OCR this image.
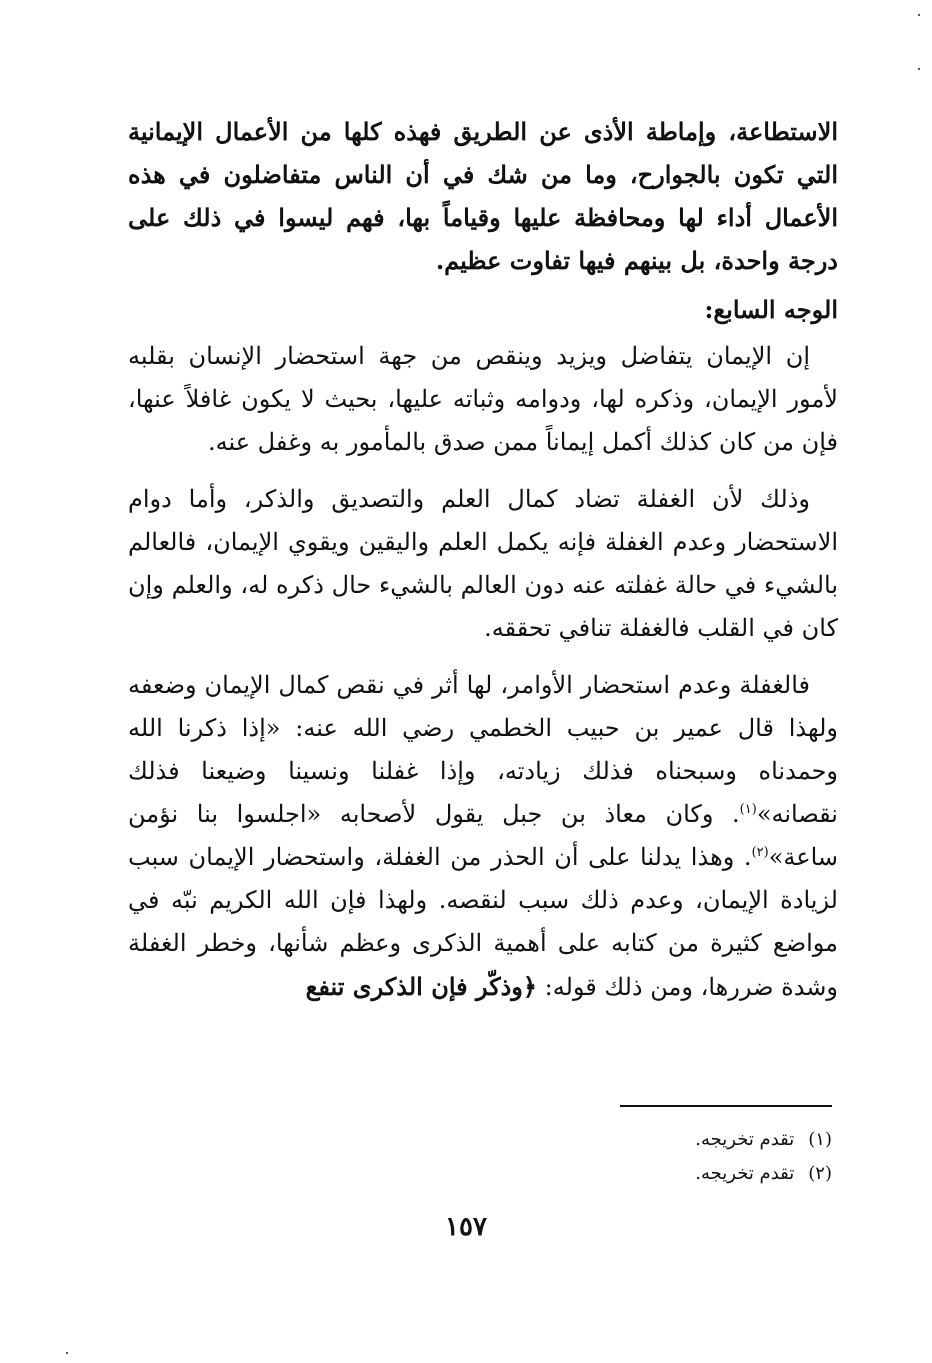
الاستطاعة، وإماطة الأذى عن الطريق فهذه كلها من الأعمال الإيمانية التي تكون بالجوارح، وما من شك في أن الناس متفاضلون في هذه الأعمال أداء لها ومحافظة عليها وقياماً بها، فهم ليسوا في ذلك على درجة واحدة، بل بينهم فيها تفاوت عظيم.

الوجه السابع:

إن الإيمان يتفاضل ويزيد وينقص من جهة استحضار الإنسان بقلبه لأمور الإيمان، وذكره لها، ودوامه وثباته عليها، بحيث لا يكون غافلاً عنها، فإن من كان كذلك أكمل إيماناً ممن صدق بالمأمور به وغفل عنه.

وذلك لأن الغفلة تضاد كمال العلم والتصديق والذكر، وأما دوام الاستحضار وعدم الغفلة فإنه يكمل العلم واليقين ويقوي الإيمان، فالعالم بالشيء في حالة غفلته عنه دون العالم بالشيء حال ذكره له، والعلم وإن كان في القلب فالغفلة تنافي تحققه.

فالغفلة وعدم استحضار الأوامر، لها أثر في نقص كمال الإيمان وضعفه ولهذا قال عمير بن حبيب الخطمي رضي الله عنه: «إذا ذكرنا الله وحمدناه وسبحناه فذلك زيادته، وإذا غفلنا ونسينا وضيعنا فذلك نقصانه»$^{(١)}$. وكان معاذ بن جبل يقول لأصحابه «اجلسوا بنا نؤمن ساعة»$^{(٢)}$. وهذا يدلنا على أن الحذر من الغفلة، واستحضار الإيمان سبب لزيادة الإيمان، وعدم ذلك سبب لنقصه. ولهذا فإن الله الكريم نبّه في مواضع كثيرة من كتابه على أهمية الذكرى وعظم شأنها، وخطر الغفلة وشدة ضررها، ومن ذلك قوله: ﴿وذكّر فإن الذكرى تنفع

(١)تقدم تخريجه.
(٢)تقدم تخريجه.
١٥٧
